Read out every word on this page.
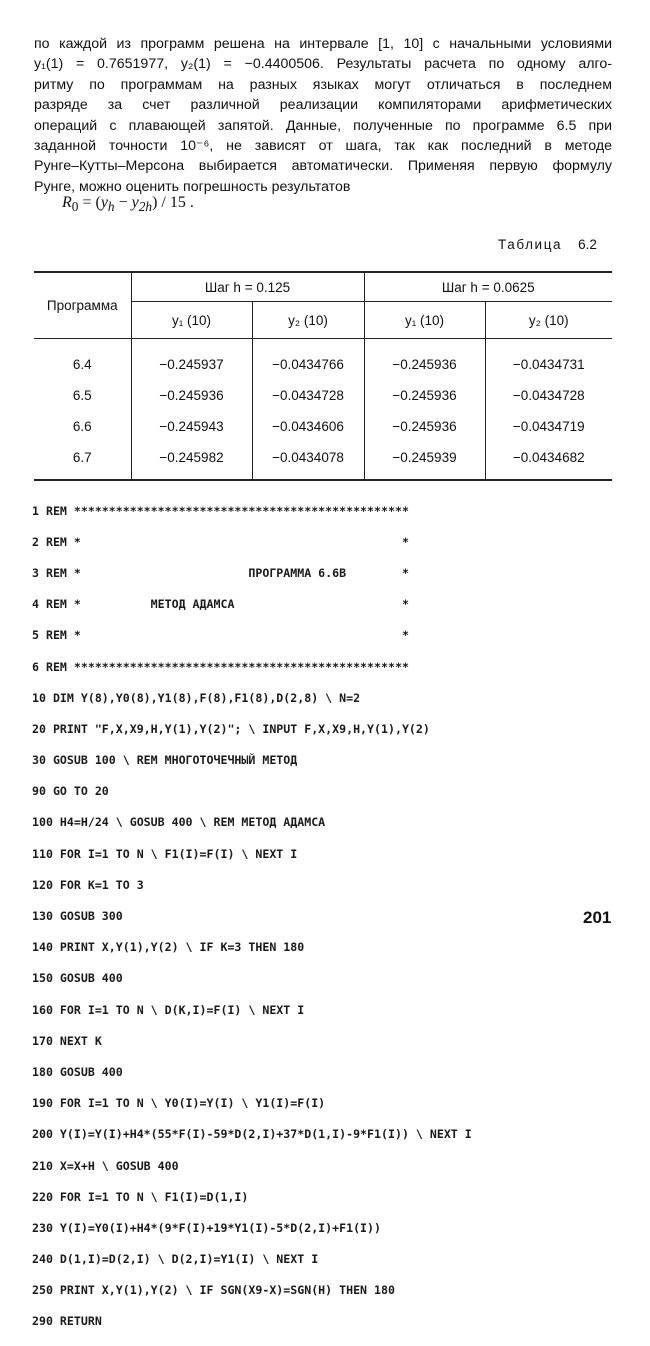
по каждой из программ решена на интервале [1, 10] с начальными условиями
y₁(1) = 0.7651977, y₂(1) = −0.4400506. Результаты расчета по одному алго-
ритму по программам на разных языках могут отличаться в последнем
разряде за счет различной реализации компиляторами арифметических
операций с плавающей запятой. Данные, полученные по программе 6.5 при
заданной точности 10⁻⁶, не зависят от шага, так как последний в методе
Рунге–Кутты–Мерсона выбирается автоматически. Применяя первую формулу
Рунге, можно оценить погрешность результатов
$R_0 = (y_h - y_{2h}) / 15$ .
Таблица 6.2
Программа	Шаг h = 0.125		Шаг h = 0.0625	
	y₁ (10)	y₂ (10)	y₁ (10)	y₂ (10)
6.4	−0.245937	−0.0434766	−0.245936	−0.0434731
6.5	−0.245936	−0.0434728	−0.245936	−0.0434728
6.6	−0.245943	−0.0434606	−0.245936	−0.0434719
6.7	−0.245982	−0.0434078	−0.245939	−0.0434682

1 REM ************************************************

2 REM *                                              *

3 REM *                        ПРОГРАММА 6.6В        *

4 REM *          МЕТОД АДАМСА                        *

5 REM *                                              *

6 REM ************************************************

10 DIM Y(8),Y0(8),Y1(8),F(8),F1(8),D(2,8) \ N=2

20 PRINT "F,X,X9,H,Y(1),Y(2)"; \ INPUT F,X,X9,H,Y(1),Y(2)

30 GOSUB 100 \ REM МНОГОТОЧЕЧНЫЙ МЕТОД

90 GO TO 20

100 H4=H/24 \ GOSUB 400 \ REM МЕТОД АДАМСА

110 FOR I=1 TO N \ F1(I)=F(I) \ NEXT I

120 FOR K=1 TO 3

130 GOSUB 300

140 PRINT X,Y(1),Y(2) \ IF K=3 THEN 180

150 GOSUB 400

160 FOR I=1 TO N \ D(K,I)=F(I) \ NEXT I

170 NEXT K

180 GOSUB 400

190 FOR I=1 TO N \ Y0(I)=Y(I) \ Y1(I)=F(I)

200 Y(I)=Y(I)+H4*(55*F(I)-59*D(2,I)+37*D(1,I)-9*F1(I)) \ NEXT I

210 X=X+H \ GOSUB 400

220 FOR I=1 TO N \ F1(I)=D(1,I)

230 Y(I)=Y0(I)+H4*(9*F(I)+19*Y1(I)-5*D(2,I)+F1(I))

240 D(1,I)=D(2,I) \ D(2,I)=Y1(I) \ NEXT I

250 PRINT X,Y(1),Y(2) \ IF SGN(X9-X)=SGN(H) THEN 180

290 RETURN

201
